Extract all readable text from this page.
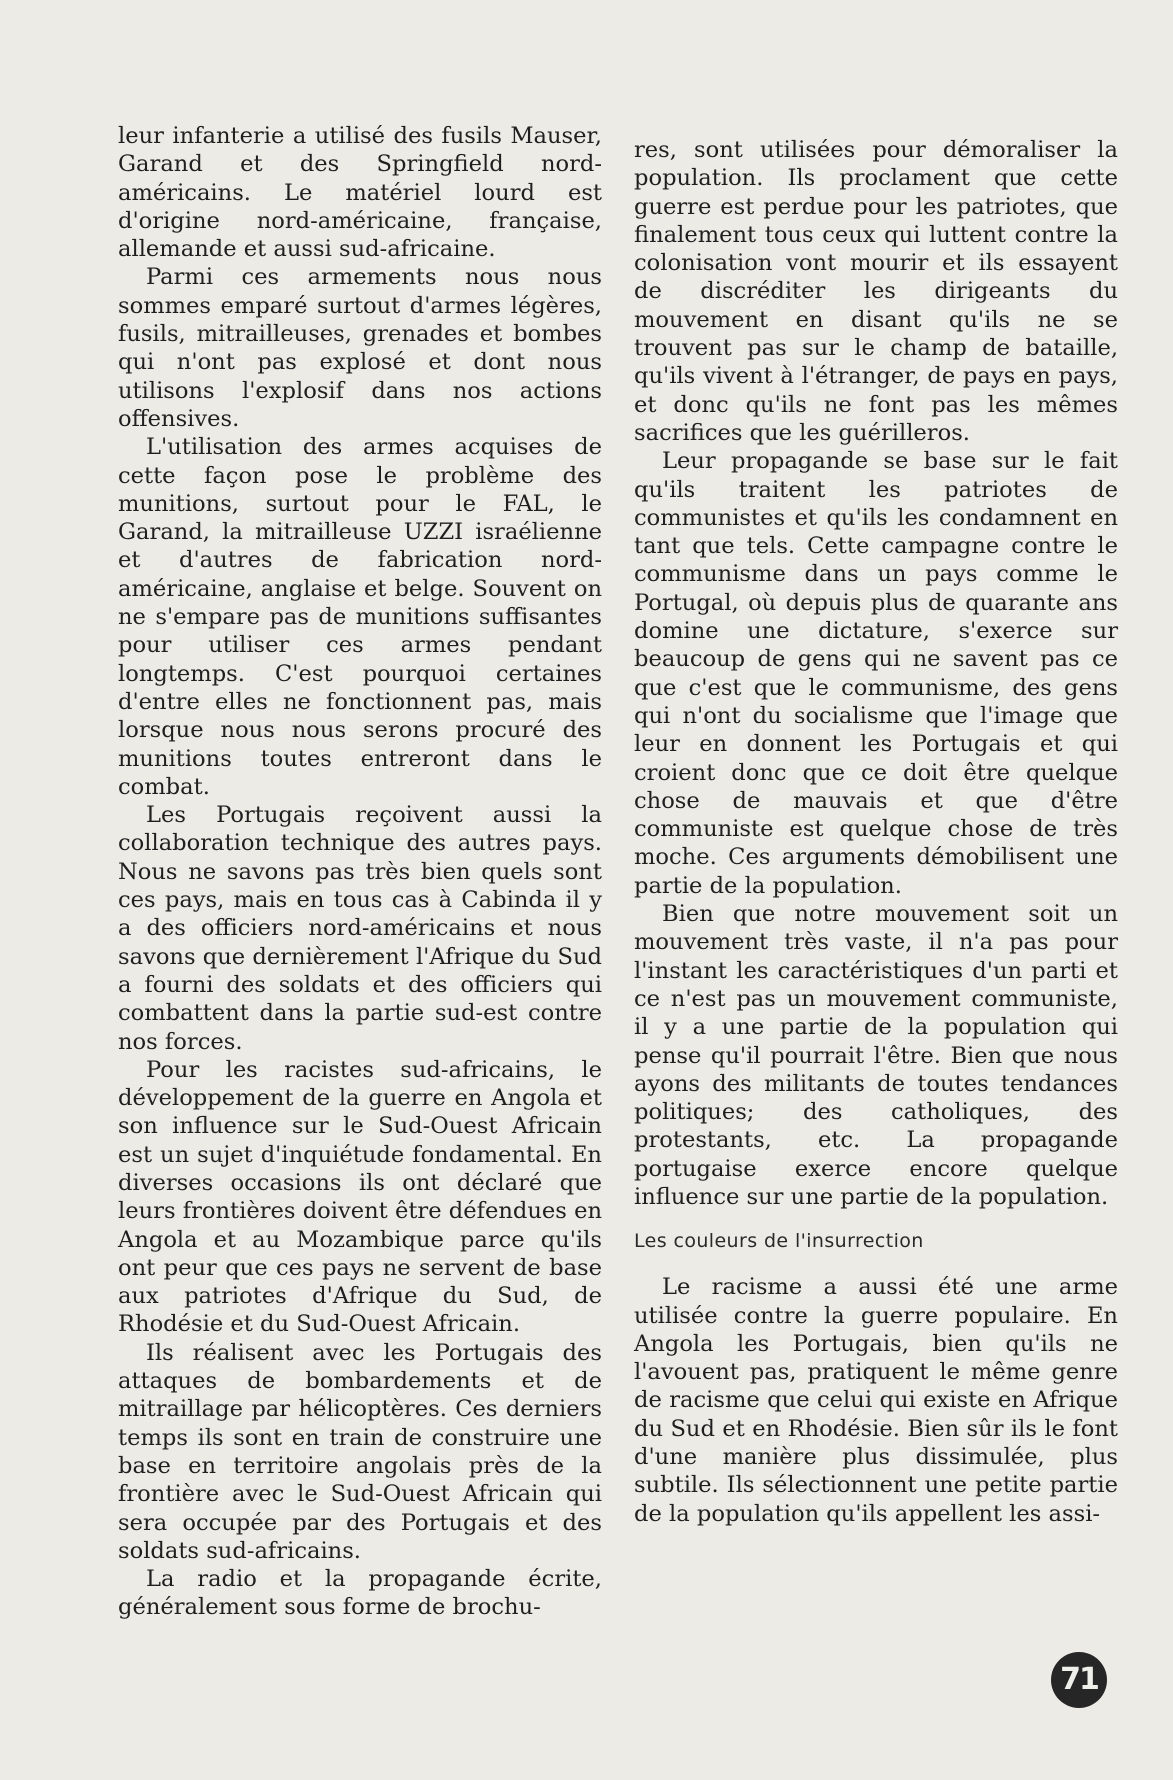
leur infanterie a utilisé des fusils Mauser, Garand et des Springfield nord-américains. Le matériel lourd est d'origine nord-américaine, française, allemande et aussi sud-africaine.

Parmi ces armements nous nous sommes emparé surtout d'armes légères, fusils, mitrailleuses, grenades et bombes qui n'ont pas explosé et dont nous utilisons l'explosif dans nos actions offensives.

L'utilisation des armes acquises de cette façon pose le problème des munitions, surtout pour le FAL, le Garand, la mitrailleuse UZZI israélienne et d'autres de fabrication nord-américaine, anglaise et belge. Souvent on ne s'empare pas de munitions suffisantes pour utiliser ces armes pendant longtemps. C'est pourquoi certaines d'entre elles ne fonctionnent pas, mais lorsque nous nous serons procuré des munitions toutes entreront dans le combat.

Les Portugais reçoivent aussi la collaboration technique des autres pays. Nous ne savons pas très bien quels sont ces pays, mais en tous cas à Cabinda il y a des officiers nord-américains et nous savons que dernièrement l'Afrique du Sud a fourni des soldats et des officiers qui combattent dans la partie sud-est contre nos forces.

Pour les racistes sud-africains, le développement de la guerre en Angola et son influence sur le Sud-Ouest Africain est un sujet d'inquiétude fondamental. En diverses occasions ils ont déclaré que leurs frontières doivent être défendues en Angola et au Mozambique parce qu'ils ont peur que ces pays ne servent de base aux patriotes d'Afrique du Sud, de Rhodésie et du Sud-Ouest Africain.

Ils réalisent avec les Portugais des attaques de bombardements et de mitraillage par hélicoptères. Ces derniers temps ils sont en train de construire une base en territoire angolais près de la frontière avec le Sud-Ouest Africain qui sera occupée par des Portugais et des soldats sud-africains.

La radio et la propagande écrite, généralement sous forme de brochu-

res, sont utilisées pour démoraliser la population. Ils proclament que cette guerre est perdue pour les patriotes, que finalement tous ceux qui luttent contre la colonisation vont mourir et ils essayent de discréditer les dirigeants du mouvement en disant qu'ils ne se trouvent pas sur le champ de bataille, qu'ils vivent à l'étranger, de pays en pays, et donc qu'ils ne font pas les mêmes sacrifices que les guérilleros.

Leur propagande se base sur le fait qu'ils traitent les patriotes de communistes et qu'ils les condamnent en tant que tels. Cette campagne contre le communisme dans un pays comme le Portugal, où depuis plus de quarante ans domine une dictature, s'exerce sur beaucoup de gens qui ne savent pas ce que c'est que le communisme, des gens qui n'ont du socialisme que l'image que leur en donnent les Portugais et qui croient donc que ce doit être quelque chose de mauvais et que d'être communiste est quelque chose de très moche. Ces arguments démobilisent une partie de la population.

Bien que notre mouvement soit un mouvement très vaste, il n'a pas pour l'instant les caractéristiques d'un parti et ce n'est pas un mouvement communiste, il y a une partie de la population qui pense qu'il pourrait l'être. Bien que nous ayons des militants de toutes tendances politiques; des catholiques, des protestants, etc. La propagande portugaise exerce encore quelque influence sur une partie de la population.

Les couleurs de l'insurrection

Le racisme a aussi été une arme utilisée contre la guerre populaire. En Angola les Portugais, bien qu'ils ne l'avouent pas, pratiquent le même genre de racisme que celui qui existe en Afrique du Sud et en Rhodésie. Bien sûr ils le font d'une manière plus dissimulée, plus subtile. Ils sélectionnent une petite partie de la population qu'ils appellent les assi-

71
